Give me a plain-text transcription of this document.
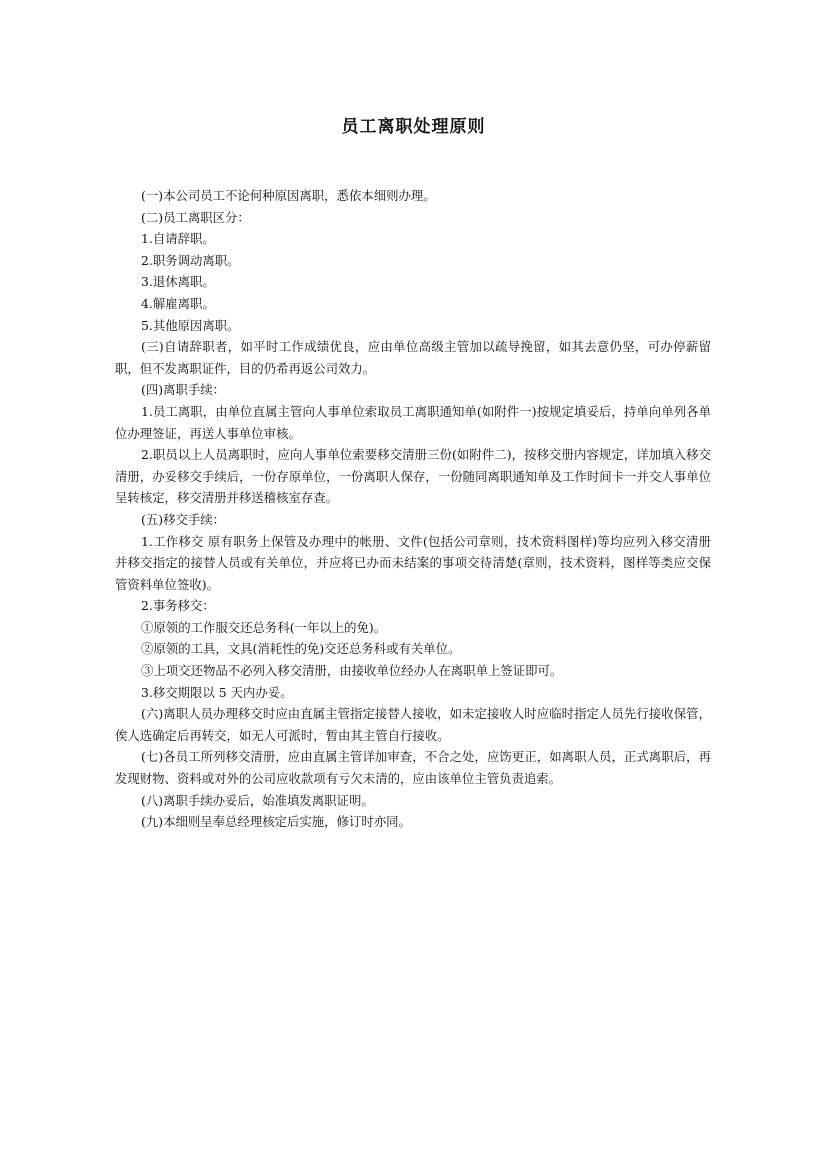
员工离职处理原则

(一)本公司员工不论何种原因离职，悉依本细则办理。

(二)员工离职区分：

1.自请辞职。

2.职务调动离职。

3.退休离职。

4.解雇离职。

5.其他原因离职。

(三)自请辞职者，如平时工作成绩优良，应由单位高级主管加以疏导挽留，如其去意仍坚，可办停薪留职，但不发离职证件，目的仍希再返公司效力。

(四)离职手续：

1.员工离职，由单位直属主管向人事单位索取员工离职通知单(如附件一)按规定填妥后，持单向单列各单位办理签证，再送人事单位审核。

2.职员以上人员离职时，应向人事单位索要移交清册三份(如附件二)，按移交册内容规定，详加填入移交清册，办妥移交手续后，一份存原单位，一份离职人保存，一份随同离职通知单及工作时间卡一并交人事单位呈转核定，移交清册并移送稽核室存查。

(五)移交手续：

1.工作移交 原有职务上保管及办理中的帐册、文件(包括公司章则，技术资料图样)等均应列入移交清册并移交指定的接替人员或有关单位，并应将已办而未结案的事项交待清楚(章则，技术资料，图样等类应交保管资料单位签收)。

2.事务移交：

①原领的工作服交还总务科(一年以上的免)。

②原领的工具，文具(消耗性的免)交还总务科或有关单位。

③上项交还物品不必列入移交清册，由接收单位经办人在离职单上签证即可。

3.移交期限以 5 天内办妥。

(六)离职人员办理移交时应由直属主管指定接替人接收，如未定接收人时应临时指定人员先行接收保管，俟人选确定后再转交，如无人可派时，暂由其主管自行接收。

(七)各员工所列移交清册，应由直属主管详加审查，不合之处，应饬更正，如离职人员，正式离职后，再发现财物、资料或对外的公司应收款项有亏欠未清的，应由该单位主管负责追索。

(八)离职手续办妥后，始准填发离职证明。

(九)本细则呈奉总经理核定后实施，修订时亦同。
